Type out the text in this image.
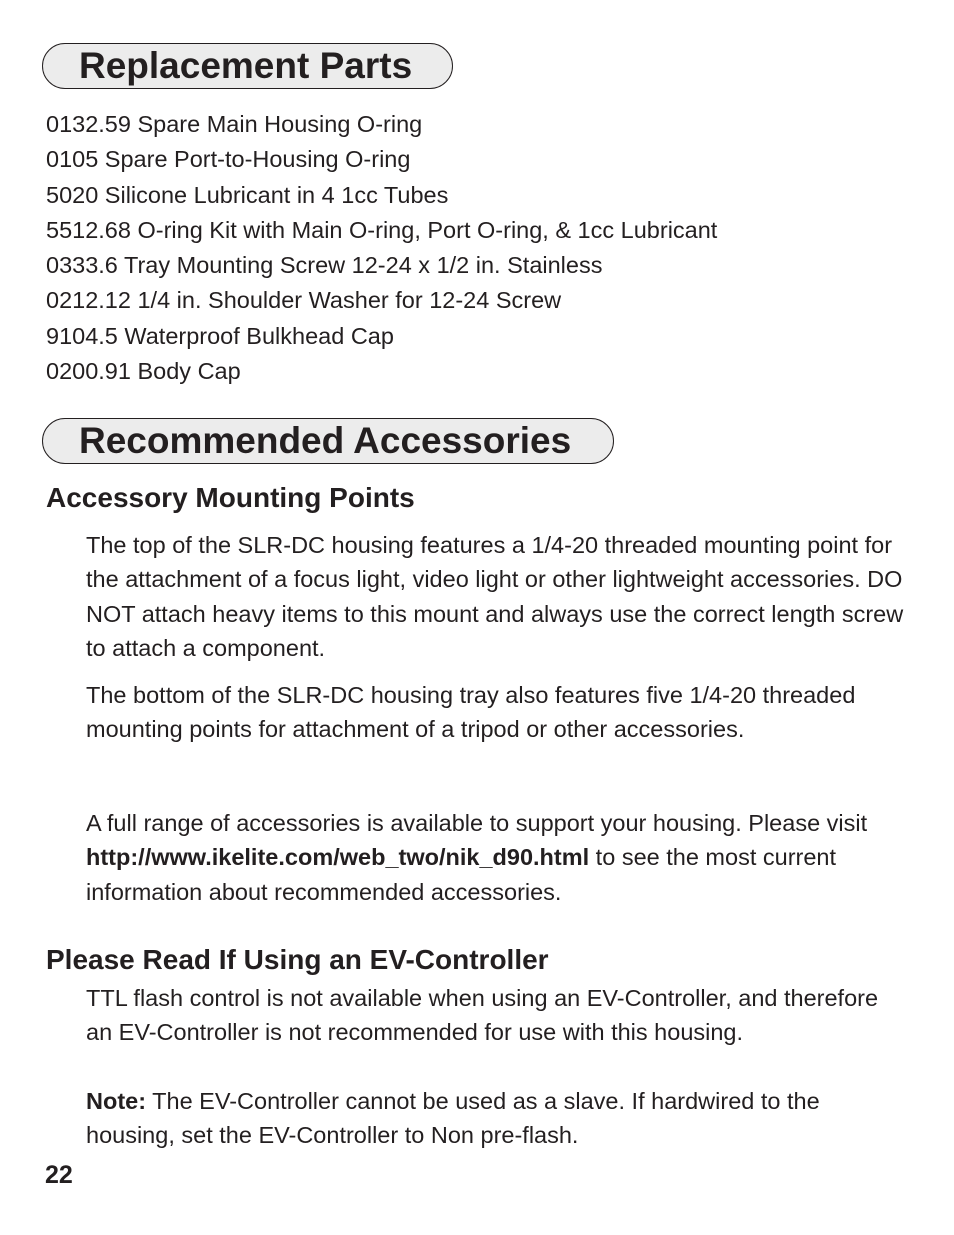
Replacement Parts
0132.59 Spare Main Housing O-ring
0105 Spare Port-to-Housing O-ring
5020 Silicone Lubricant in 4 1cc Tubes
5512.68 O-ring Kit with Main O-ring, Port O-ring, & 1cc Lubricant
0333.6 Tray Mounting Screw 12-24 x 1/2 in. Stainless
0212.12 1/4 in. Shoulder Washer for 12-24 Screw
9104.5 Waterproof Bulkhead Cap
0200.91 Body Cap
Recommended Accessories
Accessory Mounting Points

The top of the SLR-DC housing features a 1/4-20 threaded mounting point for the attachment of a focus light, video light or other lightweight accessories. DO NOT attach heavy items to this mount and always use the correct length screw to attach a component.

The bottom of the SLR-DC housing tray also features five 1/4-20 threaded mounting points for attachment of a tripod or other accessories.

A full range of accessories is available to support your housing. Please visit http://www.ikelite.com/web_two/nik_d90.html to see the most current information about recommended accessories.

Please Read If Using an EV-Controller

TTL flash control is not available when using an EV-Controller, and therefore an EV-Controller is not recommended for use with this housing.

Note: The EV-Controller cannot be used as a slave. If hardwired to the housing, set the EV-Controller to Non pre-flash.

22
